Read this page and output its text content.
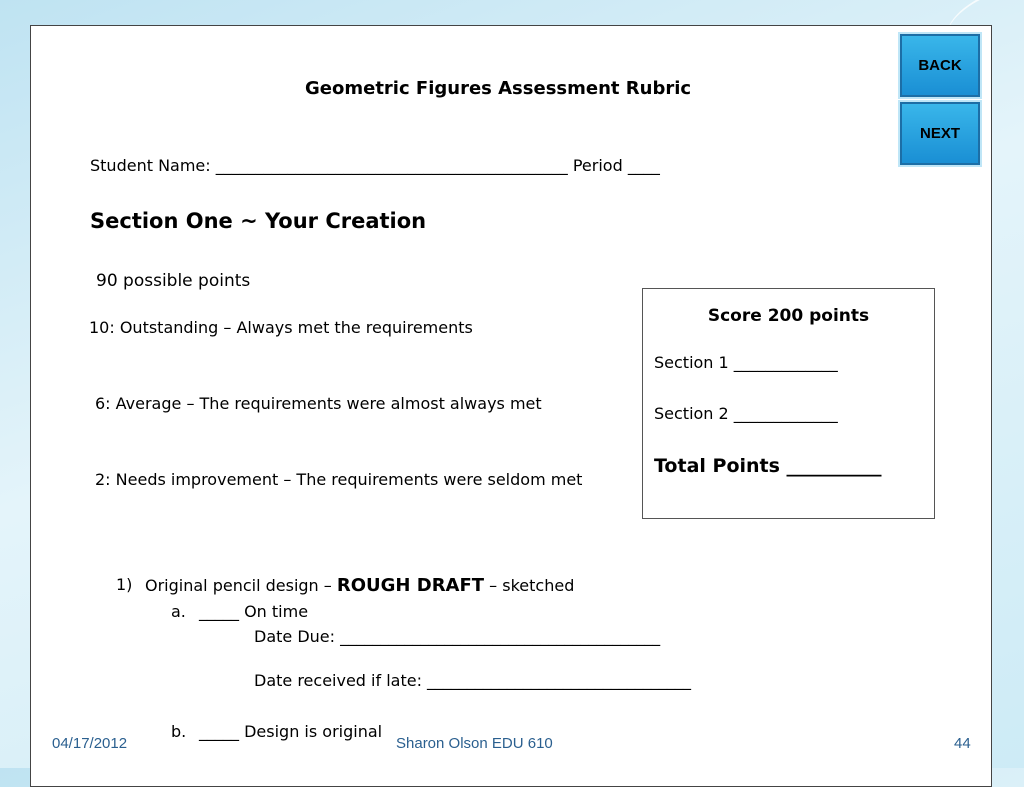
Geometric Figures Assessment Rubric
Student Name: ____________________________________________ Period ____
Section One ~ Your Creation
90 possible points
10: Outstanding – Always met the requirements
6: Average – The requirements were almost always met
2: Needs improvement – The requirements were seldom met
Score 200 points
Section 1 _____________
Section 2 _____________
Total Points __________
1) Original pencil design – ROUGH DRAFT – sketched
a. _____ On time
Date Due: ________________________________________
Date received if late: _________________________________
b. _____ Design is original
BACK
NEXT
04/17/2012	Sharon Olson EDU 610	44
